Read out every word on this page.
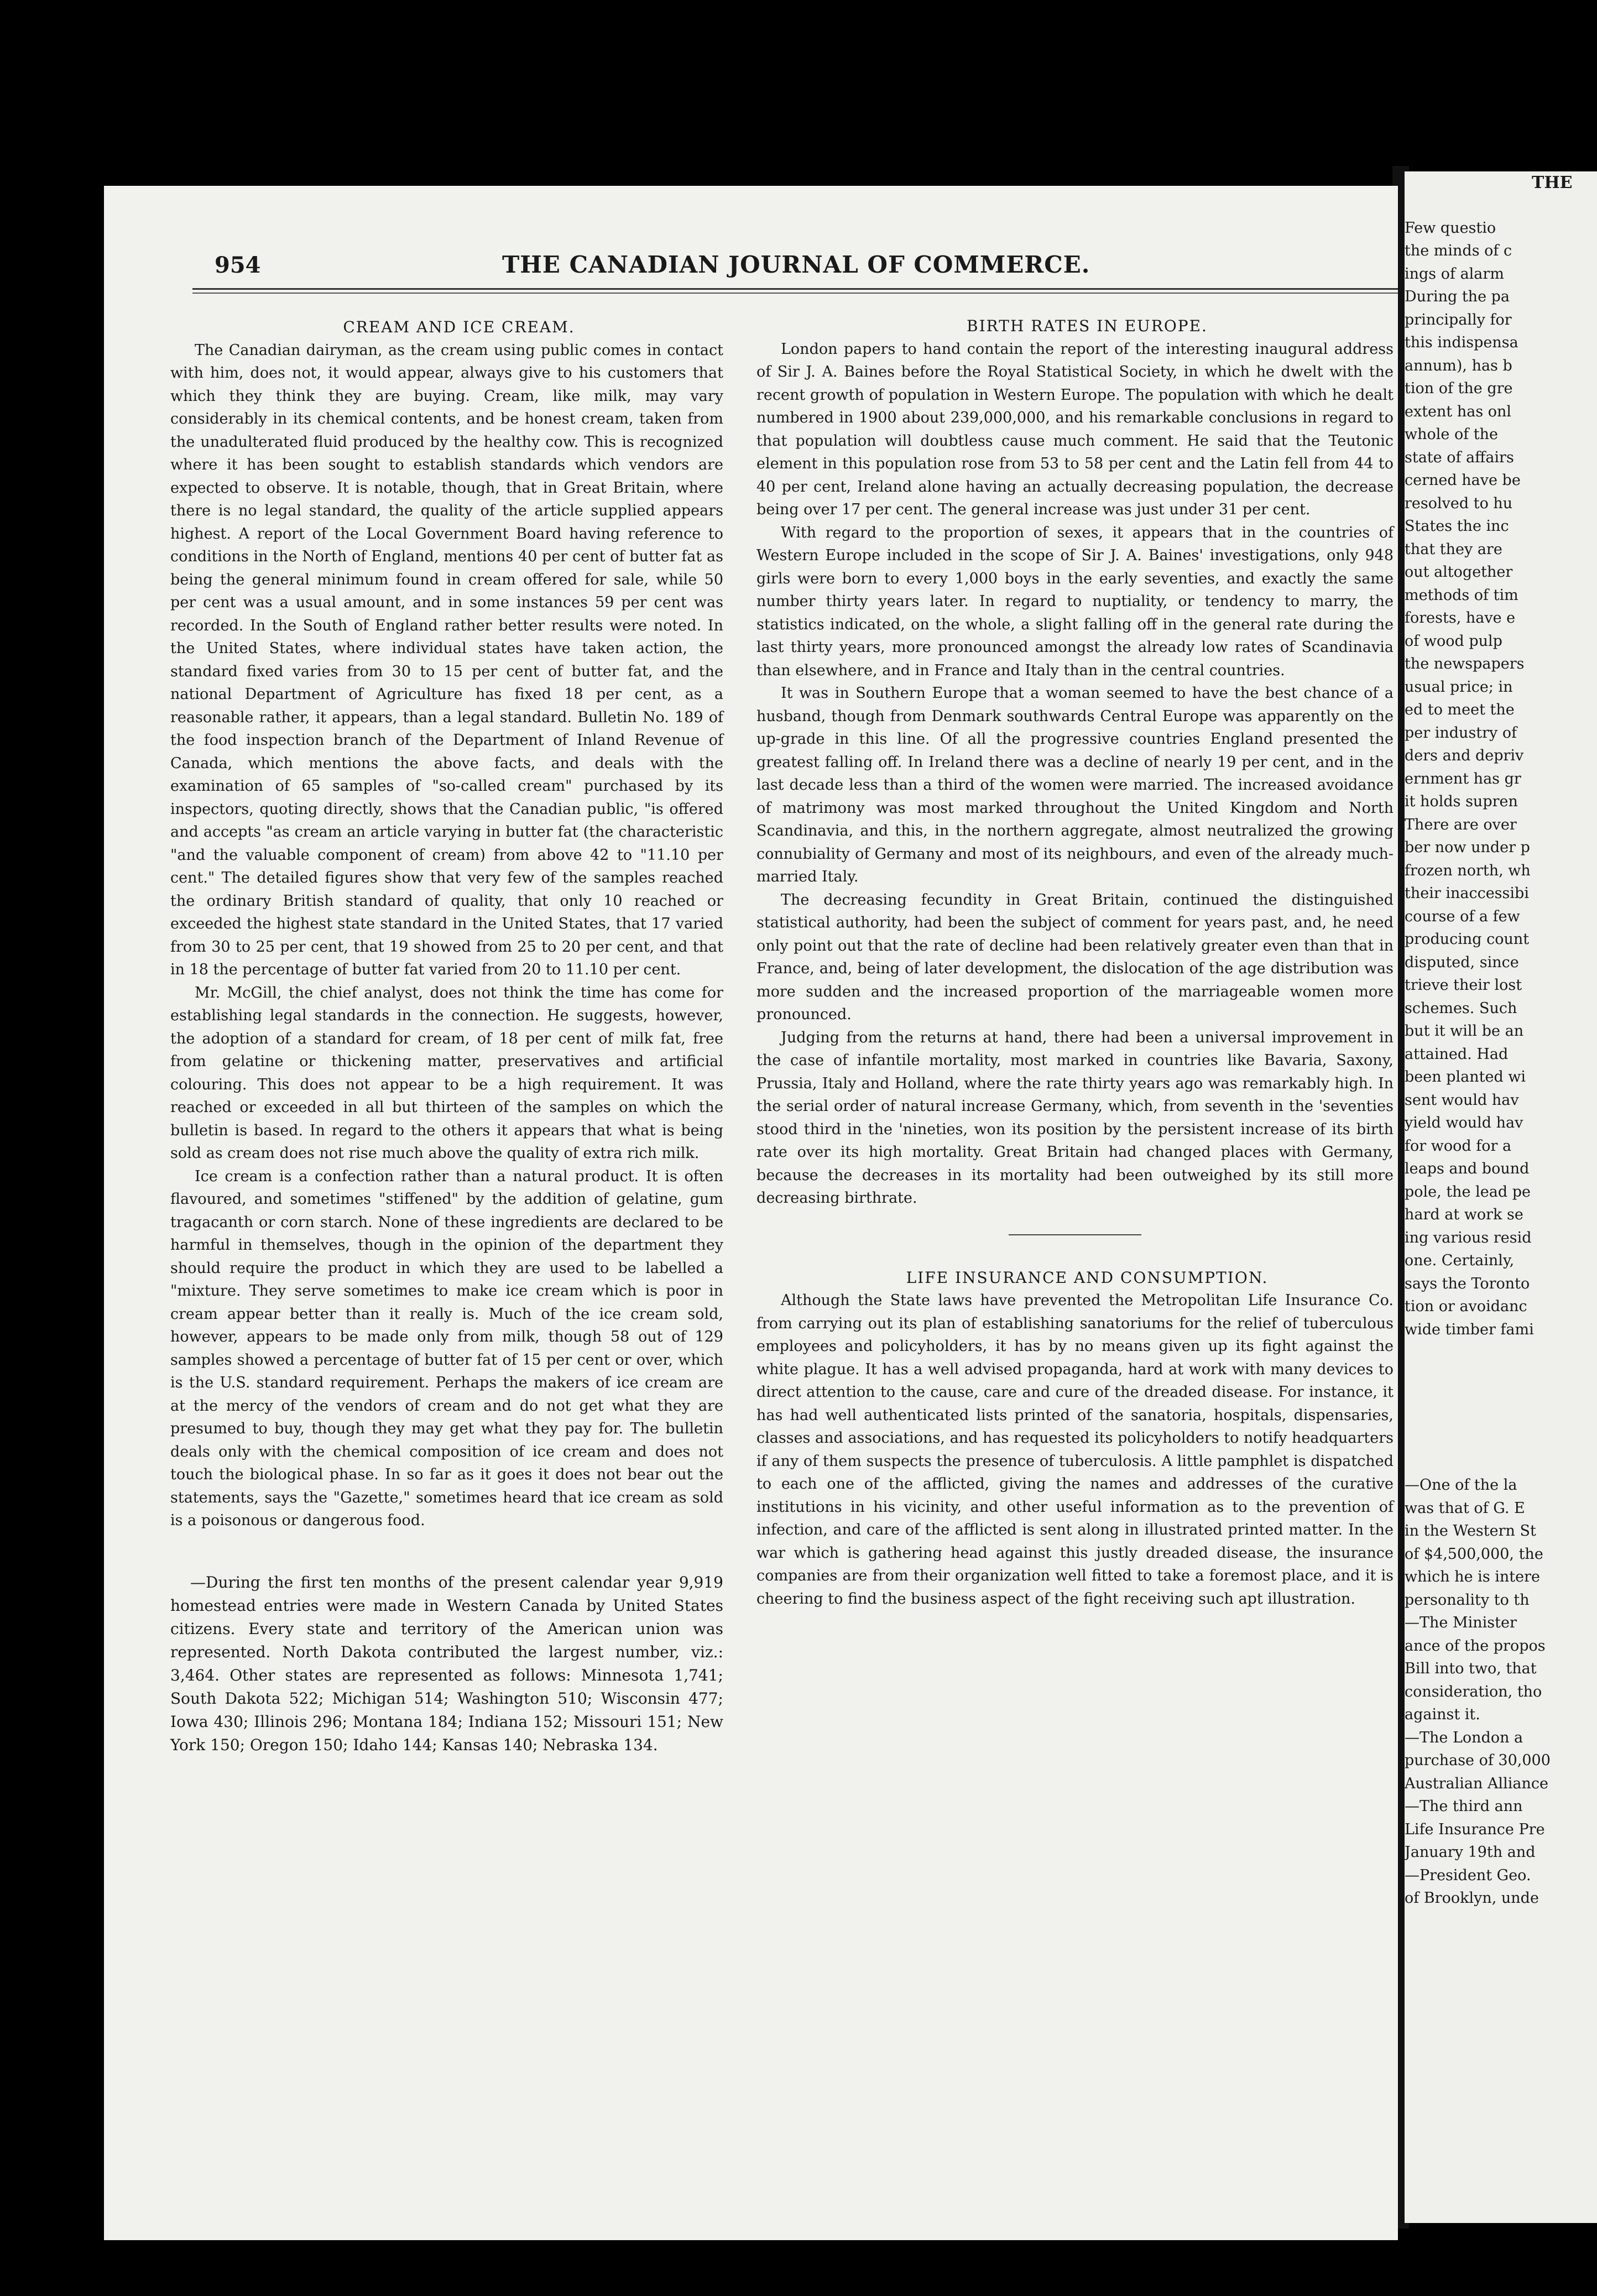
954	THE CANADIAN JOURNAL OF COMMERCE.

CREAM AND ICE CREAM.

The Canadian dairyman, as the cream using public comes in contact with him, does not, it would appear, always give to his customers that which they think they are buying. Cream, like milk, may vary considerably in its chemical contents, and be honest cream, taken from the unadulterated fluid produced by the healthy cow. This is recognized where it has been sought to establish standards which vendors are expected to observe. It is notable, though, that in Great Britain, where there is no legal standard, the quality of the article supplied appears highest. A report of the Local Government Board having reference to conditions in the North of England, mentions 40 per cent of butter fat as being the general minimum found in cream offered for sale, while 50 per cent was a usual amount, and in some instances 59 per cent was recorded. In the South of England rather better results were noted. In the United States, where individual states have taken action, the standard fixed varies from 30 to 15 per cent of butter fat, and the national Department of Agriculture has fixed 18 per cent, as a reasonable rather, it appears, than a legal standard. Bulletin No. 189 of the food inspection branch of the Department of Inland Revenue of Canada, which mentions the above facts, and deals with the examination of 65 samples of "so-called cream" purchased by its inspectors, quoting directly, shows that the Canadian public, "is offered and accepts "as cream an article varying in butter fat (the characteristic "and the valuable component of cream) from above 42 to "11.10 per cent." The detailed figures show that very few of the samples reached the ordinary British standard of quality, that only 10 reached or exceeded the highest state standard in the United States, that 17 varied from 30 to 25 per cent, that 19 showed from 25 to 20 per cent, and that in 18 the percentage of butter fat varied from 20 to 11.10 per cent.

Mr. McGill, the chief analyst, does not think the time has come for establishing legal standards in the connection. He suggests, however, the adoption of a standard for cream, of 18 per cent of milk fat, free from gelatine or thickening matter, preservatives and artificial colouring. This does not appear to be a high requirement. It was reached or exceeded in all but thirteen of the samples on which the bulletin is based. In regard to the others it appears that what is being sold as cream does not rise much above the quality of extra rich milk.

Ice cream is a confection rather than a natural product. It is often flavoured, and sometimes "stiffened" by the addition of gelatine, gum tragacanth or corn starch. None of these ingredients are declared to be harmful in themselves, though in the opinion of the department they should require the product in which they are used to be labelled a "mixture. They serve sometimes to make ice cream which is poor in cream appear better than it really is. Much of the ice cream sold, however, appears to be made only from milk, though 58 out of 129 samples showed a percentage of butter fat of 15 per cent or over, which is the U.S. standard requirement. Perhaps the makers of ice cream are at the mercy of the vendors of cream and do not get what they are presumed to buy, though they may get what they pay for. The bulletin deals only with the chemical composition of ice cream and does not touch the biological phase. In so far as it goes it does not bear out the statements, says the "Gazette," sometimes heard that ice cream as sold is a poisonous or dangerous food.

—During the first ten months of the present calendar year 9,919 homestead entries were made in Western Canada by United States citizens. Every state and territory of the American union was represented. North Dakota contributed the largest number, viz.: 3,464. Other states are represented as follows: Minnesota 1,741; South Dakota 522; Michigan 514; Washington 510; Wisconsin 477; Iowa 430; Illinois 296; Montana 184; Indiana 152; Missouri 151; New York 150; Oregon 150; Idaho 144; Kansas 140; Nebraska 134.

BIRTH RATES IN EUROPE.

London papers to hand contain the report of the interesting inaugural address of Sir J. A. Baines before the Royal Statistical Society, in which he dwelt with the recent growth of population in Western Europe. The population with which he dealt numbered in 1900 about 239,000,000, and his remarkable conclusions in regard to that population will doubtless cause much comment. He said that the Teutonic element in this population rose from 53 to 58 per cent and the Latin fell from 44 to 40 per cent, Ireland alone having an actually decreasing population, the decrease being over 17 per cent. The general increase was just under 31 per cent.

With regard to the proportion of sexes, it appears that in the countries of Western Europe included in the scope of Sir J. A. Baines' investigations, only 948 girls were born to every 1,000 boys in the early seventies, and exactly the same number thirty years later. In regard to nuptiality, or tendency to marry, the statistics indicated, on the whole, a slight falling off in the general rate during the last thirty years, more pronounced amongst the already low rates of Scandinavia than elsewhere, and in France and Italy than in the central countries.

It was in Southern Europe that a woman seemed to have the best chance of a husband, though from Denmark southwards Central Europe was apparently on the up-grade in this line. Of all the progressive countries England presented the greatest falling off. In Ireland there was a decline of nearly 19 per cent, and in the last decade less than a third of the women were married. The increased avoidance of matrimony was most marked throughout the United Kingdom and North Scandinavia, and this, in the northern aggregate, almost neutralized the growing connubiality of Germany and most of its neighbours, and even of the already much-married Italy.

The decreasing fecundity in Great Britain, continued the distinguished statistical authority, had been the subject of comment for years past, and, he need only point out that the rate of decline had been relatively greater even than that in France, and, being of later development, the dislocation of the age distribution was more sudden and the increased proportion of the marriageable women more pronounced.

Judging from the returns at hand, there had been a universal improvement in the case of infantile mortality, most marked in countries like Bavaria, Saxony, Prussia, Italy and Holland, where the rate thirty years ago was remarkably high. In the serial order of natural increase Germany, which, from seventh in the 'seventies stood third in the 'nineties, won its position by the persistent increase of its birth rate over its high mortality. Great Britain had changed places with Germany, because the decreases in its mortality had been outweighed by its still more decreasing birthrate.

LIFE INSURANCE AND CONSUMPTION.

Although the State laws have prevented the Metropolitan Life Insurance Co. from carrying out its plan of establishing sanatoriums for the relief of tuberculous employees and policyholders, it has by no means given up its fight against the white plague. It has a well advised propaganda, hard at work with many devices to direct attention to the cause, care and cure of the dreaded disease. For instance, it has had well authenticated lists printed of the sanatoria, hospitals, dispensaries, classes and associations, and has requested its policyholders to notify headquarters if any of them suspects the presence of tuberculosis. A little pamphlet is dispatched to each one of the afflicted, giving the names and addresses of the curative institutions in his vicinity, and other useful information as to the prevention of infection, and care of the afflicted is sent along in illustrated printed matter. In the war which is gathering head against this justly dreaded disease, the insurance companies are from their organization well fitted to take a foremost place, and it is cheering to find the business aspect of the fight receiving such apt illustration.

THE
Few questio
the minds of c
ings of alarm
During the pa
principally for
this indispensa
annum), has b
tion of the gre
extent has onl
whole of the
state of affairs
cerned have be
resolved to hu
States the inc
that they are
out altogether
methods of tim
forests, have e
of wood pulp
the newspapers
usual price; in
ed to meet the
per industry of
ders and depriv
ernment has gr
it holds supren
There are over
ber now under p
frozen north, wh
their inaccessibi
course of a few
producing count
disputed, since
trieve their lost
schemes. Such
but it will be an
attained. Had
been planted wi
sent would hav
yield would hav
for wood for a
leaps and bound
pole, the lead pe
hard at work se
ing various resid
one. Certainly,
says the Toronto
tion or avoidanc
wide timber fami
—One of the la
was that of G. E
in the Western St
of $4,500,000, the
which he is intere
personality to th
—The Minister
ance of the propos
Bill into two, that
consideration, tho
against it.
—The London a
purchase of 30,000
Australian Alliance
—The third ann
Life Insurance Pre
January 19th and
—President Geo.
of Brooklyn, unde
